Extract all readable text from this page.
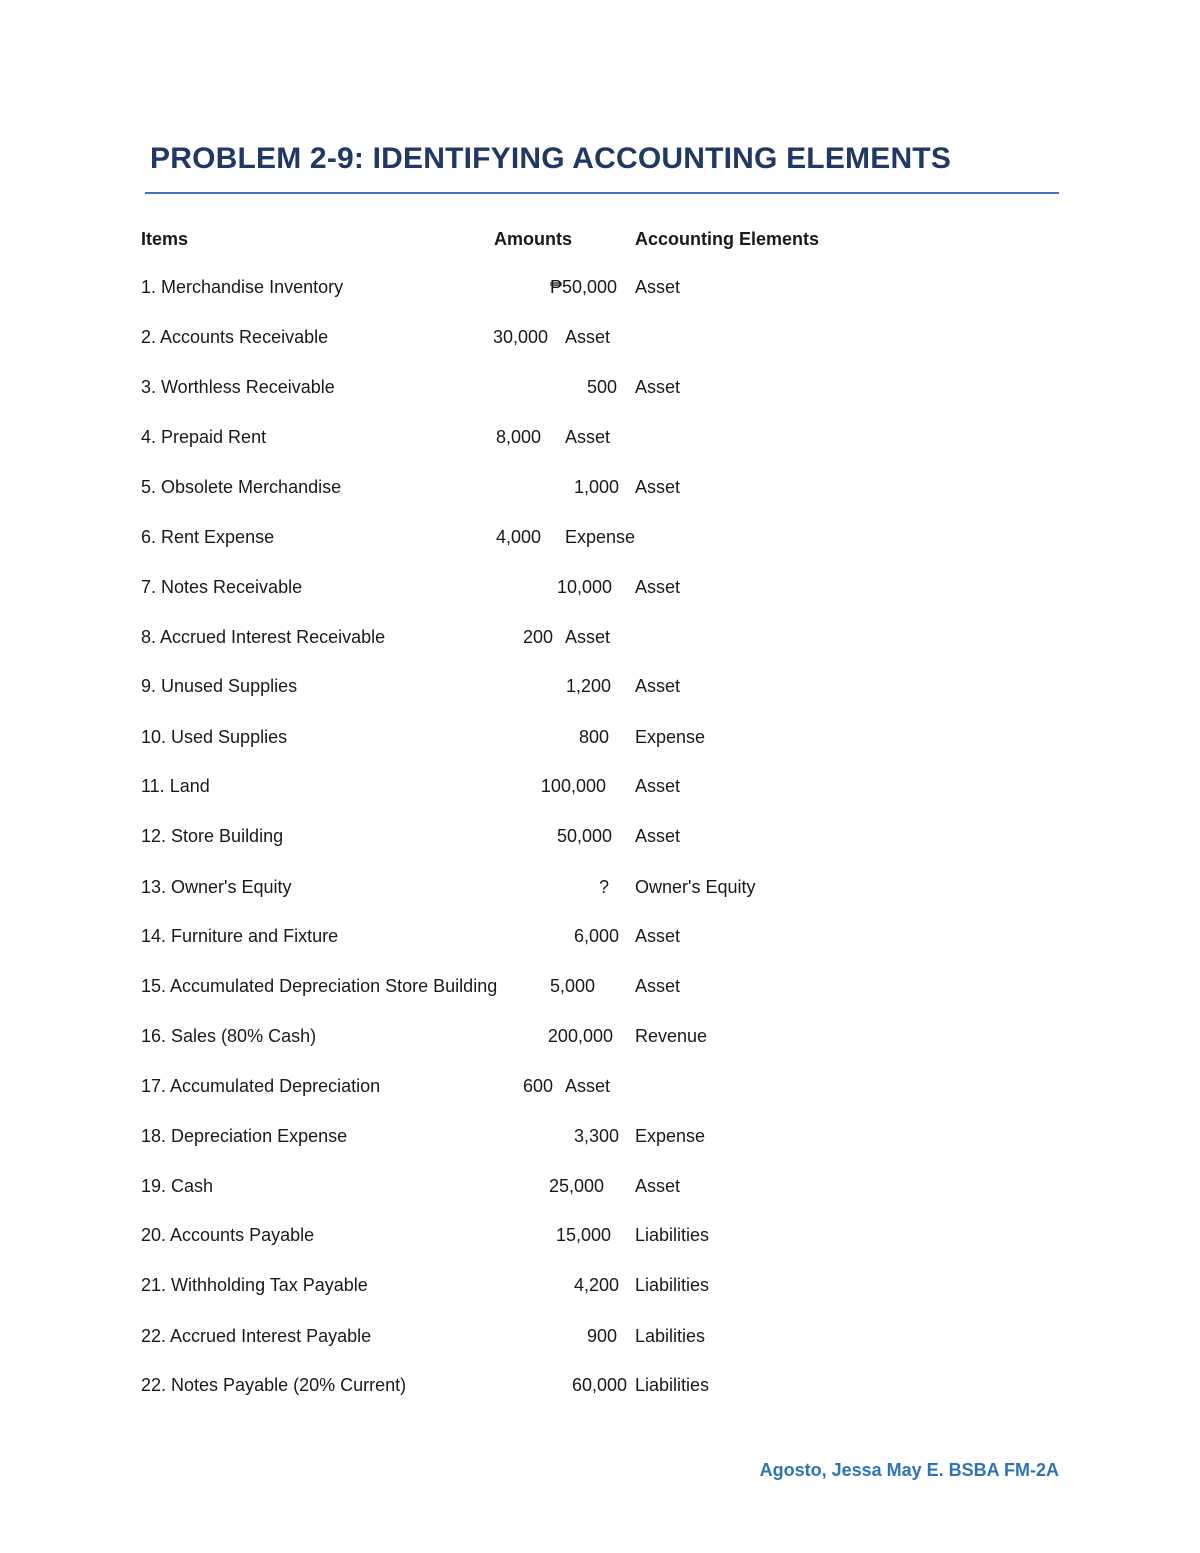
PROBLEM 2-9: IDENTIFYING ACCOUNTING ELEMENTS
Items	Amounts	Accounting Elements
1. Merchandise Inventory	₱50,000 Asset
2. Accounts Receivable	30,000 Asset
3. Worthless Receivable	500 Asset
4. Prepaid Rent	8,000 Asset
5. Obsolete Merchandise	1,000 Asset
6. Rent Expense	4,000 Expense
7. Notes Receivable	10,000 Asset
8. Accrued Interest Receivable	200 Asset
9. Unused Supplies	1,200 Asset
10. Used Supplies	800 Expense
11. Land	100,000 Asset
12. Store Building	50,000 Asset
13. Owner's Equity	? Owner's Equity
14. Furniture and Fixture	6,000 Asset
15. Accumulated Depreciation Store Building	5,000 Asset
16. Sales (80% Cash)	200,000 Revenue
17. Accumulated Depreciation	600 Asset
18. Depreciation Expense	3,300 Expense
19. Cash	25,000 Asset
20. Accounts Payable	15,000 Liabilities
21. Withholding Tax Payable	4,200 Liabilities
22. Accrued Interest Payable	900 Labilities
22. Notes Payable (20% Current)	60,000 Liabilities
Agosto, Jessa May E. BSBA FM-2A
